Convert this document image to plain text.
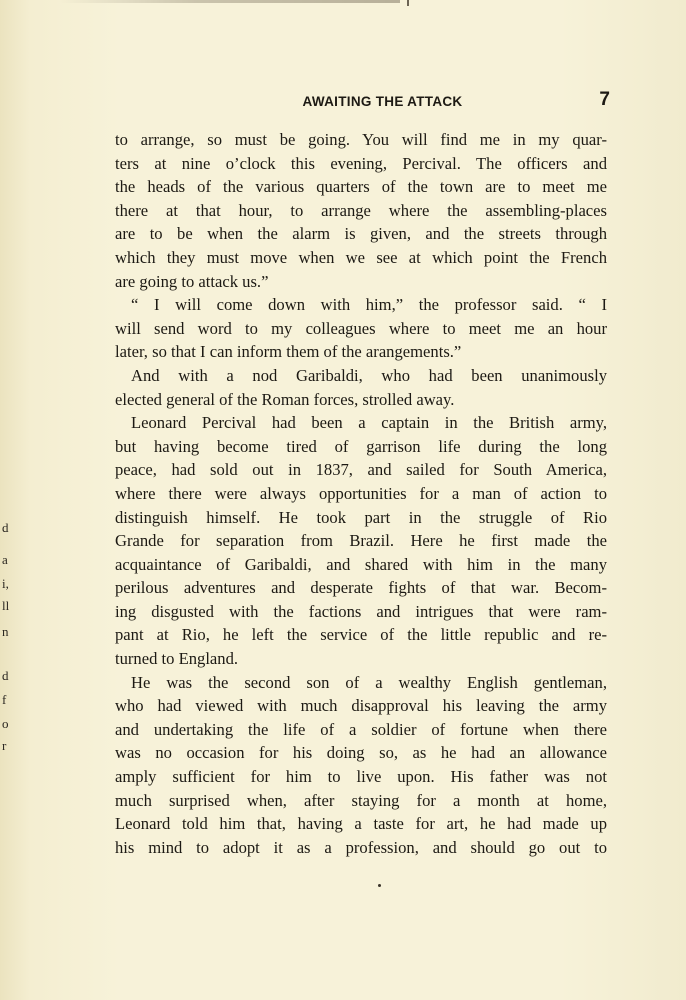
d
a
i,
ll
n
d
f
o
r
AWAITING THE ATTACK	7
to arrange, so must be going. You will find me in my quar-
ters at nine o’clock this evening, Percival. The officers and
the heads of the various quarters of the town are to meet me
there at that hour, to arrange where the assembling-places
are to be when the alarm is given, and the streets through
which they must move when we see at which point the French
are going to attack us.”
“ I will come down with him,” the professor said. “ I
will send word to my colleagues where to meet me an hour
later, so that I can inform them of the arangements.”
And with a nod Garibaldi, who had been unanimously
elected general of the Roman forces, strolled away.
Leonard Percival had been a captain in the British army,
but having become tired of garrison life during the long
peace, had sold out in 1837, and sailed for South America,
where there were always opportunities for a man of action to
distinguish himself. He took part in the struggle of Rio
Grande for separation from Brazil. Here he first made the
acquaintance of Garibaldi, and shared with him in the many
perilous adventures and desperate fights of that war. Becom-
ing disgusted with the factions and intrigues that were ram-
pant at Rio, he left the service of the little republic and re-
turned to England.
He was the second son of a wealthy English gentleman,
who had viewed with much disapproval his leaving the army
and undertaking the life of a soldier of fortune when there
was no occasion for his doing so, as he had an allowance
amply sufficient for him to live upon. His father was not
much surprised when, after staying for a month at home,
Leonard told him that, having a taste for art, he had made up
his mind to adopt it as a profession, and should go out to
